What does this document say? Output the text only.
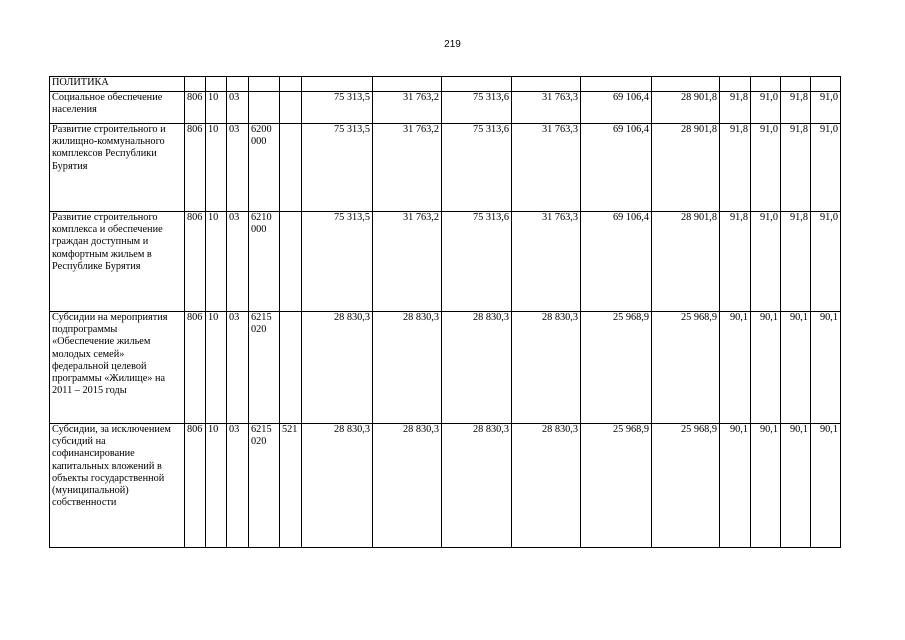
219
ПОЛИТИКА															
Социальное обеспечение населения	806	10	03			75 313,5	31 763,2	75 313,6	31 763,3	69 106,4	28 901,8	91,8	91,0	91,8	91,0
Развитие строительного и жилищно-коммунального комплексов Республики Бурятия	806	10	03	6200 000		75 313,5	31 763,2	75 313,6	31 763,3	69 106,4	28 901,8	91,8	91,0	91,8	91,0
Развитие строительного комплекса и обеспечение граждан доступным и комфортным жильем в Республике Бурятия	806	10	03	6210 000		75 313,5	31 763,2	75 313,6	31 763,3	69 106,4	28 901,8	91,8	91,0	91,8	91,0
Субсидии на мероприятия подпрограммы «Обеспечение жильем молодых семей» федеральной целевой программы «Жилище» на 2011 – 2015 годы	806	10	03	6215 020		28 830,3	28 830,3	28 830,3	28 830,3	25 968,9	25 968,9	90,1	90,1	90,1	90,1
Субсидии, за исключением субсидий на софинансирование капитальных вложений в объекты государственной (муниципальной) собственности	806	10	03	6215 020	521	28 830,3	28 830,3	28 830,3	28 830,3	25 968,9	25 968,9	90,1	90,1	90,1	90,1
